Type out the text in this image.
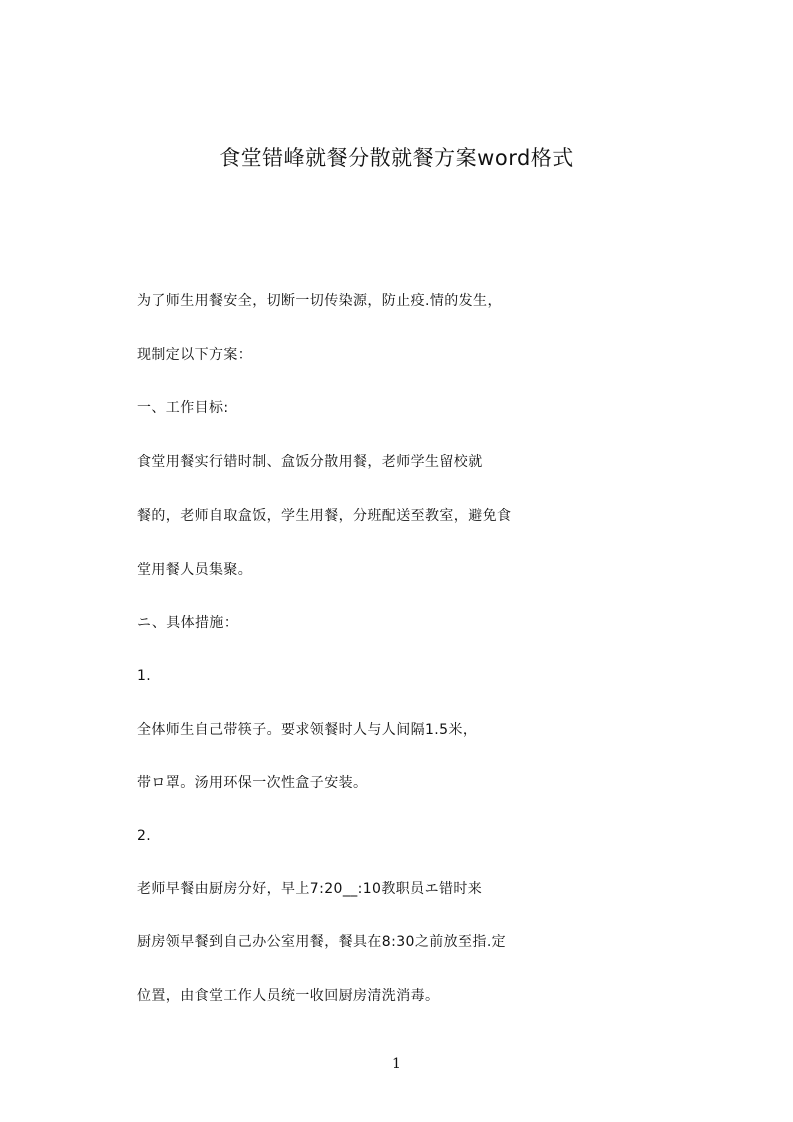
食堂错峰就餐分散就餐方案word格式
为了师生用餐安全，切断一切传染源，防止疫.情的发生，
现制定以下方案：
一、工作目标:
食堂用餐实行错时制、盒饭分散用餐，老师学生留校就
餐的，老师自取盒饭，学生用餐，分班配送至教室，避免食
堂用餐人员集聚。
ニ、具体措施：
1.
全体师生自己带筷子。要求领餐时人与人间隔1.5米，
带ロ罩。汤用环保一次性盒子安装。
2.
老师早餐由厨房分好，早上7:20__:10教职员エ错时来
厨房领早餐到自己办公室用餐，餐具在8:30之前放至指.定
位置，由食堂工作人员统一收回厨房清洗消毒。
1
